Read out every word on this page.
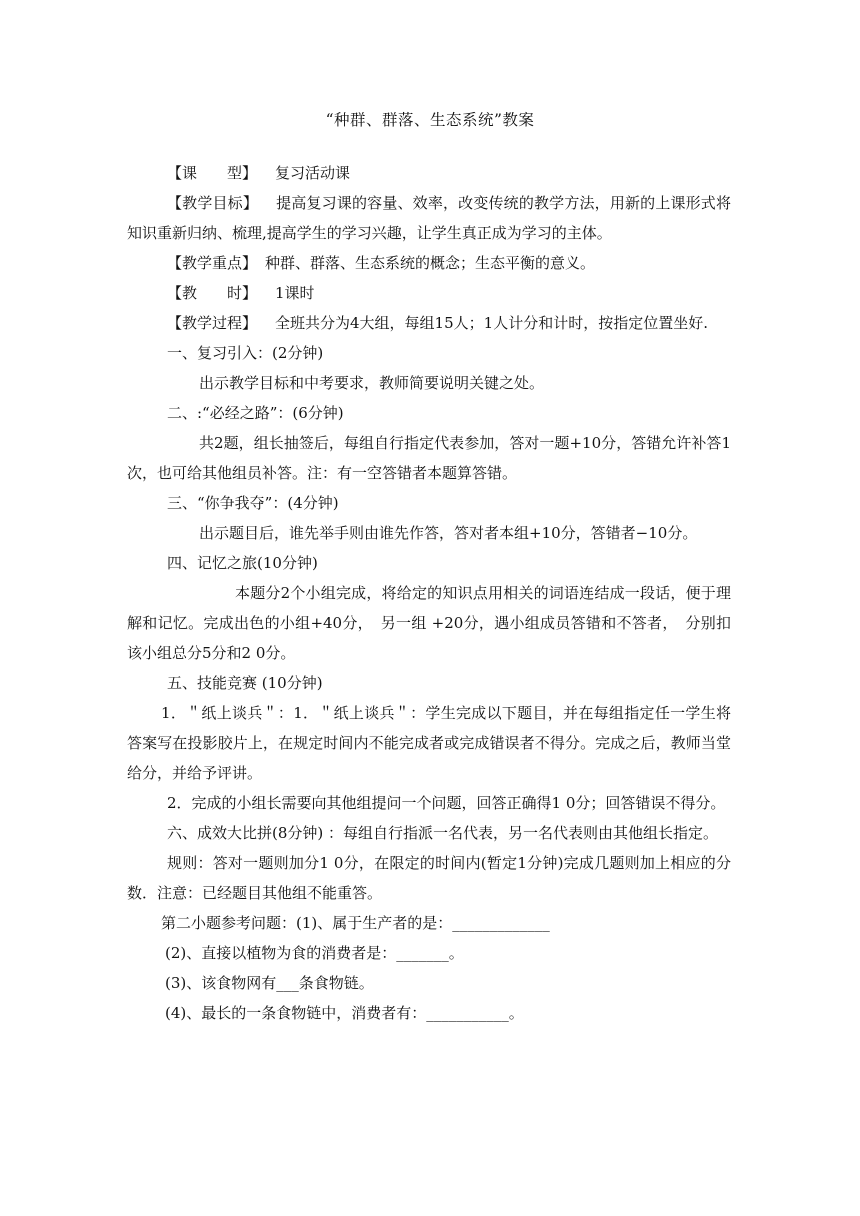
“种群、群落、生态系统”教案

【课　　型】 复习活动课

【教学目标】 提高复习课的容量、效率，改变传统的教学方法，用新的上课形式将知识重新归纳、梳理,提高学生的学习兴趣，让学生真正成为学习的主体。

【教学重点】 种群、群落、生态系统的概念；生态平衡的意义。

【教　　时】 1课时

【教学过程】 全班共分为4大组，每组15人；1人计分和计时，按指定位置坐好.

一、复习引入：(2分钟)

出示教学目标和中考要求，教师简要说明关键之处。

二、:“必经之路”：(6分钟)

共2题，组长抽签后，每组自行指定代表参加，答对一题+10分，答错允许补答1次，也可给其他组员补答。注：有一空答错者本题算答错。

三、“你争我夺”：(4分钟)

出示题目后，谁先举手则由谁先作答，答对者本组+10分，答错者−10分。

四、记忆之旅(10分钟)

本题分2个小组完成，将给定的知识点用相关的词语连结成一段话，便于理解和记忆。完成出色的小组+40分，　另一组 +20分，遇小组成员答错和不答者，　分别扣该小组总分5分和2 0分。

五、技能竞赛 (10分钟)

1．＂纸上谈兵＂：1．＂纸上谈兵＂：学生完成以下题目，并在每组指定任一学生将答案写在投影胶片上，在规定时间内不能完成者或完成错误者不得分。完成之后，教师当堂给分，并给予评讲。

2．完成的小组长需要向其他组提问一个问题，回答正确得1 0分；回答错误不得分。

六、成效大比拼(8分钟) ：每组自行指派一名代表，另一名代表则由其他组长指定。

规则：答对一题则加分1 0分，在限定的时间内(暂定1分钟)完成几题则加上相应的分数．注意：已经题目其他组不能重答。

第二小题参考问题：(1)、属于生产者的是：_____________

(2)、直接以植物为食的消费者是：_______。

(3)、该食物网有___条食物链。

(4)、最长的一条食物链中，消费者有：___________。
